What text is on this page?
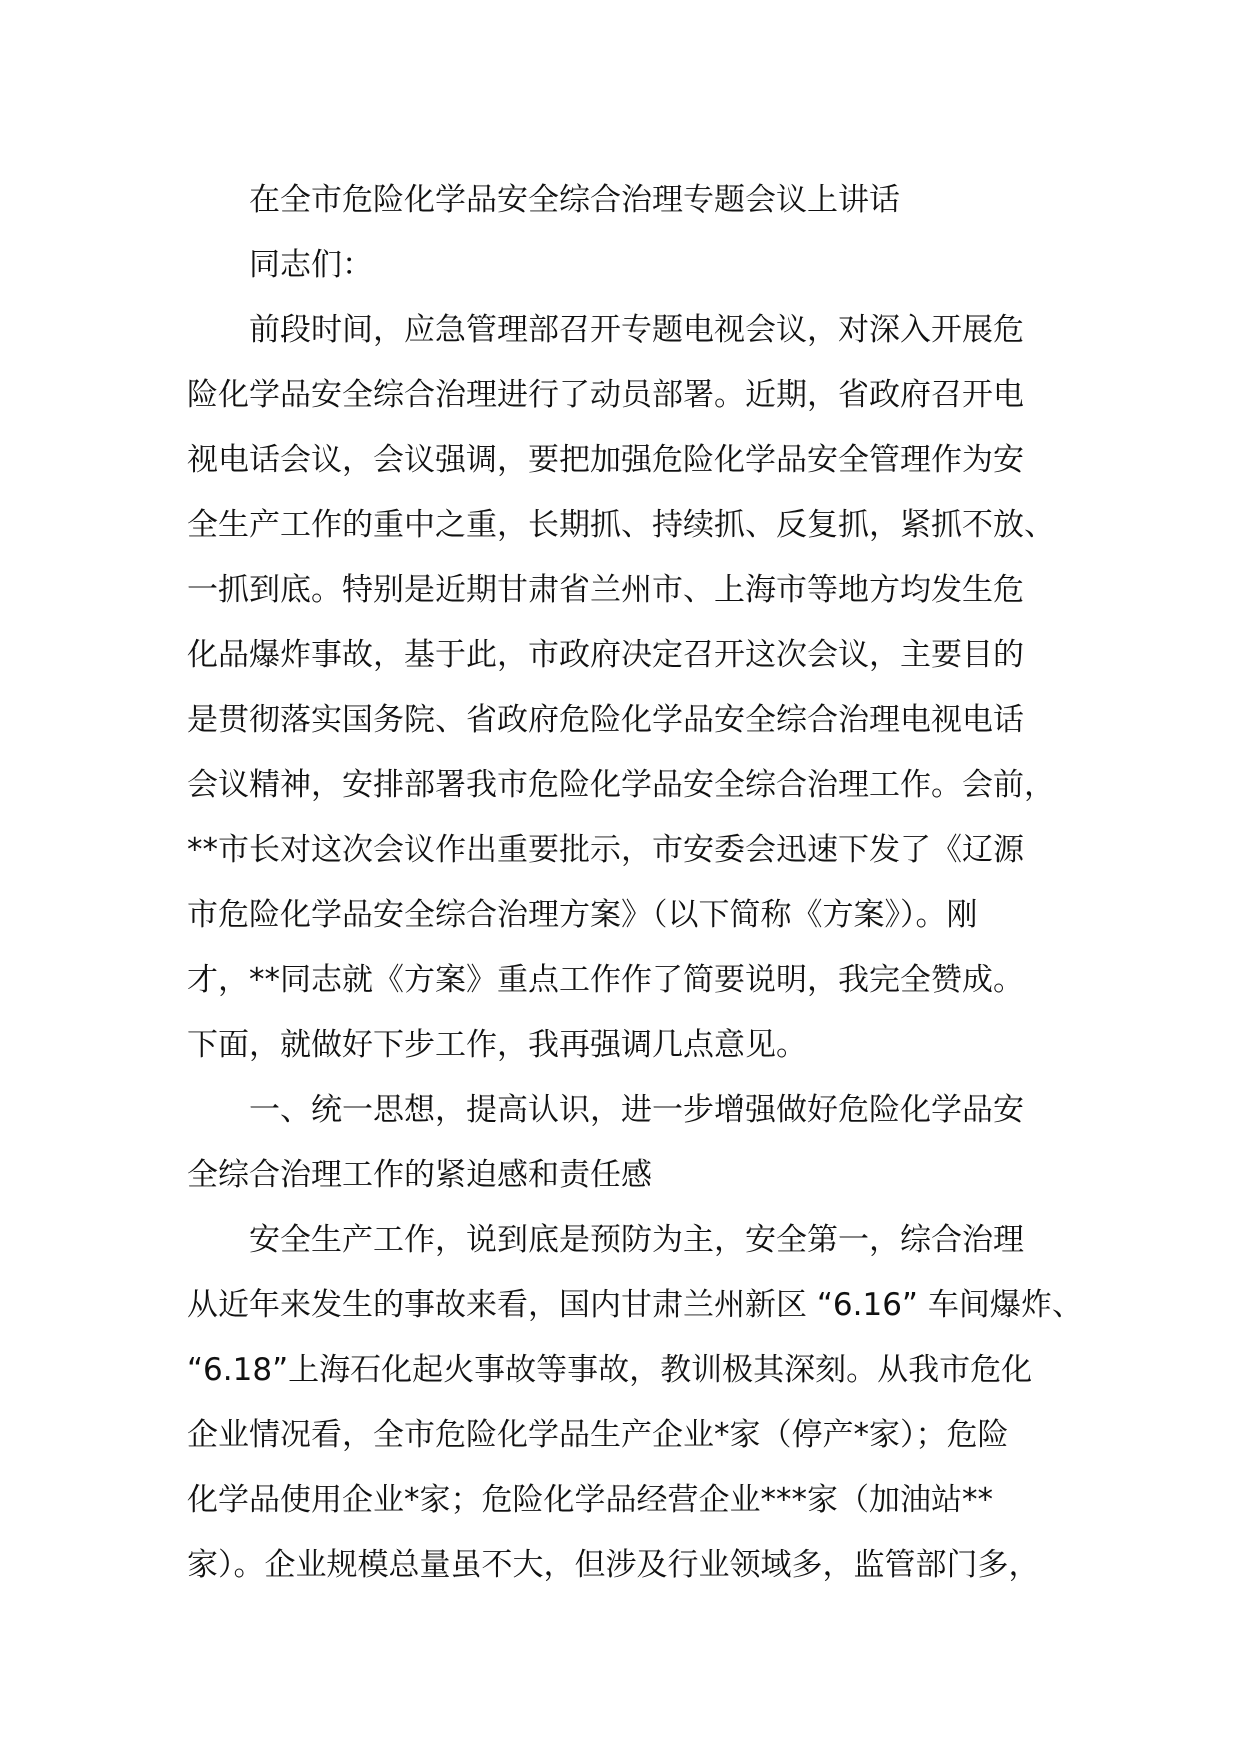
在全市危险化学品安全综合治理专题会议上讲话
同志们：
前段时间，应急管理部召开专题电视会议，对深入开展危
险化学品安全综合治理进行了动员部署。近期，省政府召开电
视电话会议，会议强调，要把加强危险化学品安全管理作为安
全生产工作的重中之重，长期抓、持续抓、反复抓，紧抓不放、
一抓到底。特别是近期甘肃省兰州市、上海市等地方均发生危
化品爆炸事故，基于此，市政府决定召开这次会议，主要目的
是贯彻落实国务院、省政府危险化学品安全综合治理电视电话
会议精神，安排部署我市危险化学品安全综合治理工作。会前，
**市长对这次会议作出重要批示，市安委会迅速下发了《辽源
市危险化学品安全综合治理方案》（以下简称《方案》）。刚
才，**同志就《方案》重点工作作了简要说明，我完全赞成。
下面，就做好下步工作，我再强调几点意见。
一、统一思想，提高认识，进一步增强做好危险化学品安
全综合治理工作的紧迫感和责任感
安全生产工作，说到底是预防为主，安全第一，综合治理
从近年来发生的事故来看，国内甘肃兰州新区 “6.16” 车间爆炸、
“6.18”上海石化起火事故等事故，教训极其深刻。从我市危化
企业情况看，全市危险化学品生产企业*家（停产*家）；危险
化学品使用企业*家；危险化学品经营企业***家（加油站**
家）。企业规模总量虽不大，但涉及行业领域多，监管部门多，
